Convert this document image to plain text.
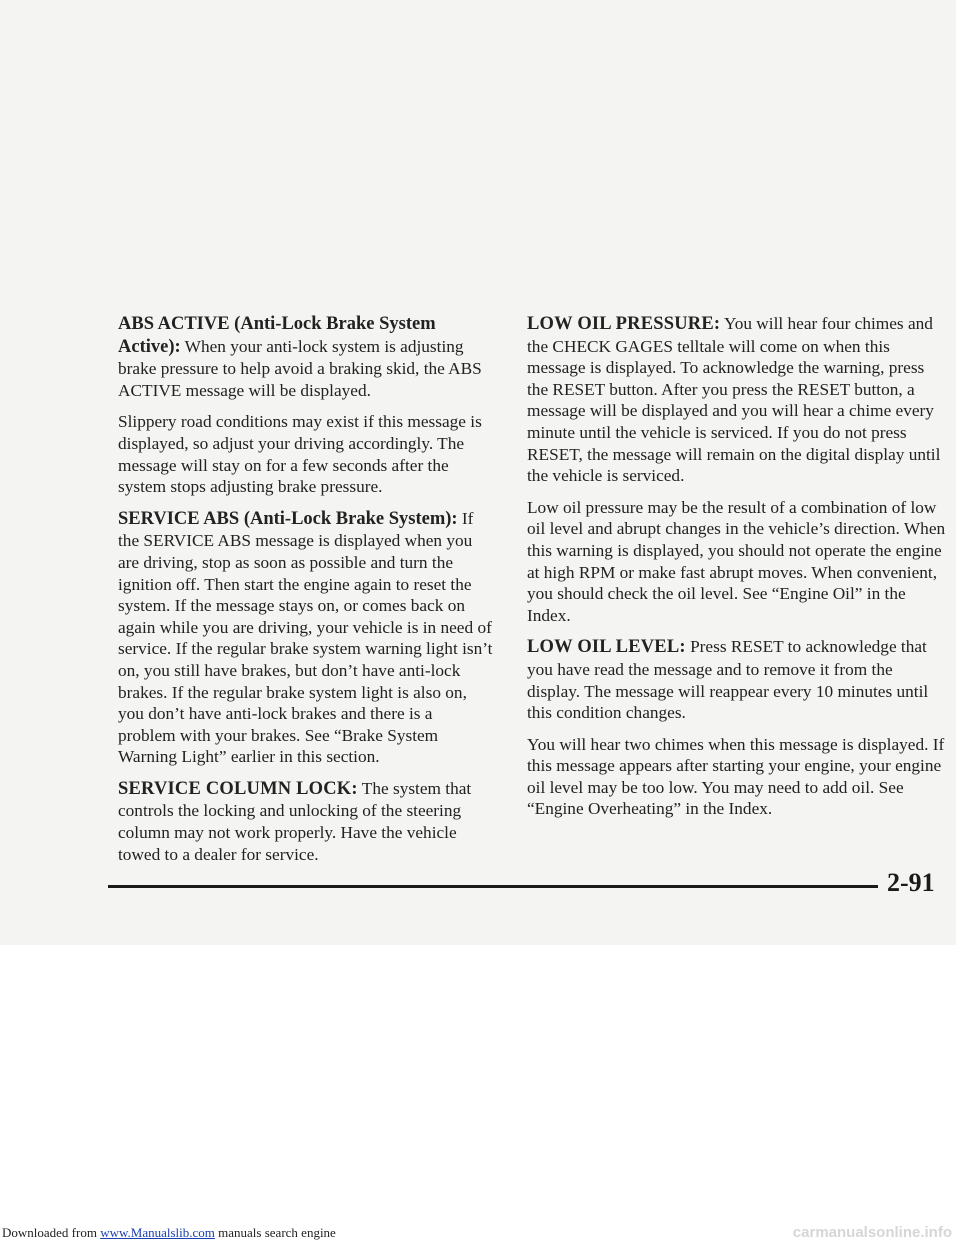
ABS ACTIVE (Anti-Lock Brake System Active): When your anti-lock system is adjusting brake pressure to help avoid a braking skid, the ABS ACTIVE message will be displayed.

Slippery road conditions may exist if this message is displayed, so adjust your driving accordingly. The message will stay on for a few seconds after the system stops adjusting brake pressure.

SERVICE ABS (Anti-Lock Brake System): If the SERVICE ABS message is displayed when you are driving, stop as soon as possible and turn the ignition off. Then start the engine again to reset the system. If the message stays on, or comes back on again while you are driving, your vehicle is in need of service. If the regular brake system warning light isn’t on, you still have brakes, but don’t have anti-lock brakes. If the regular brake system light is also on, you don’t have anti-lock brakes and there is a problem with your brakes. See “Brake System Warning Light” earlier in this section.

SERVICE COLUMN LOCK: The system that controls the locking and unlocking of the steering column may not work properly. Have the vehicle towed to a dealer for service.

LOW OIL PRESSURE: You will hear four chimes and the CHECK GAGES telltale will come on when this message is displayed. To acknowledge the warning, press the RESET button. After you press the RESET button, a message will be displayed and you will hear a chime every minute until the vehicle is serviced. If you do not press RESET, the message will remain on the digital display until the vehicle is serviced.

Low oil pressure may be the result of a combination of low oil level and abrupt changes in the vehicle’s direction. When this warning is displayed, you should not operate the engine at high RPM or make fast abrupt moves. When convenient, you should check the oil level. See “Engine Oil” in the Index.

LOW OIL LEVEL: Press RESET to acknowledge that you have read the message and to remove it from the display. The message will reappear every 10 minutes until this condition changes.

You will hear two chimes when this message is displayed. If this message appears after starting your engine, your engine oil level may be too low. You may need to add oil. See “Engine Overheating” in the Index.

2-91
Downloaded from www.Manualslib.com manuals search engine	carmanualsonline.info
